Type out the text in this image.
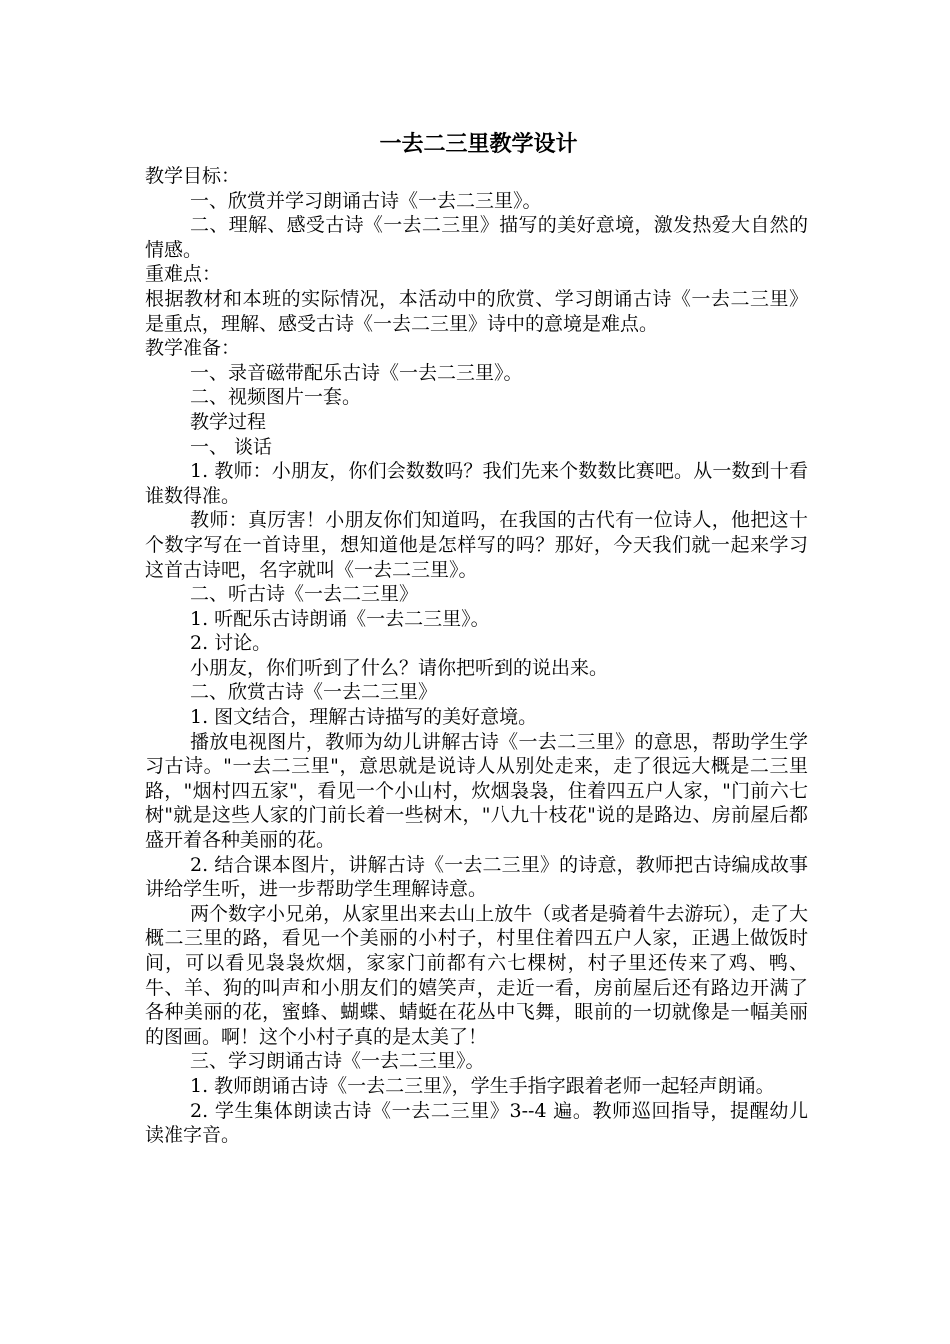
一去二三里教学设计
教学目标：
一、欣赏并学习朗诵古诗《一去二三里》。
二、理解、感受古诗《一去二三里》描写的美好意境，激发热爱大自然的情感。
重难点：
根据教材和本班的实际情况，本活动中的欣赏、学习朗诵古诗《一去二三里》是重点，理解、感受古诗《一去二三里》诗中的意境是难点。
教学准备：
一、录音磁带配乐古诗《一去二三里》。
二、视频图片一套。
教学过程
一、 谈话
1. 教师：小朋友，你们会数数吗？我们先来个数数比赛吧。从一数到十看谁数得准。
教师：真厉害！小朋友你们知道吗，在我国的古代有一位诗人，他把这十个数字写在一首诗里，想知道他是怎样写的吗？那好，今天我们就一起来学习这首古诗吧，名字就叫《一去二三里》。
二、听古诗《一去二三里》
1. 听配乐古诗朗诵《一去二三里》。
2. 讨论。
小朋友，你们听到了什么？请你把听到的说出来。
二、欣赏古诗《一去二三里》
1. 图文结合，理解古诗描写的美好意境。
播放电视图片，教师为幼儿讲解古诗《一去二三里》的意思，帮助学生学习古诗。"一去二三里"，意思就是说诗人从别处走来，走了很远大概是二三里路，"烟村四五家"，看见一个小山村，炊烟袅袅，住着四五户人家，"门前六七树"就是这些人家的门前长着一些树木，"八九十枝花"说的是路边、房前屋后都盛开着各种美丽的花。
2. 结合课本图片，讲解古诗《一去二三里》的诗意，教师把古诗编成故事讲给学生听，进一步帮助学生理解诗意。
两个数字小兄弟，从家里出来去山上放牛（或者是骑着牛去游玩），走了大概二三里的路，看见一个美丽的小村子，村里住着四五户人家，正遇上做饭时间，可以看见袅袅炊烟，家家门前都有六七棵树，村子里还传来了鸡、鸭、牛、羊、狗的叫声和小朋友们的嬉笑声，走近一看，房前屋后还有路边开满了各种美丽的花，蜜蜂、蝴蝶、蜻蜓在花丛中飞舞，眼前的一切就像是一幅美丽的图画。啊！这个小村子真的是太美了！
三、学习朗诵古诗《一去二三里》。
1. 教师朗诵古诗《一去二三里》，学生手指字跟着老师一起轻声朗诵。
2. 学生集体朗读古诗《一去二三里》3--4 遍。教师巡回指导，提醒幼儿读准字音。
